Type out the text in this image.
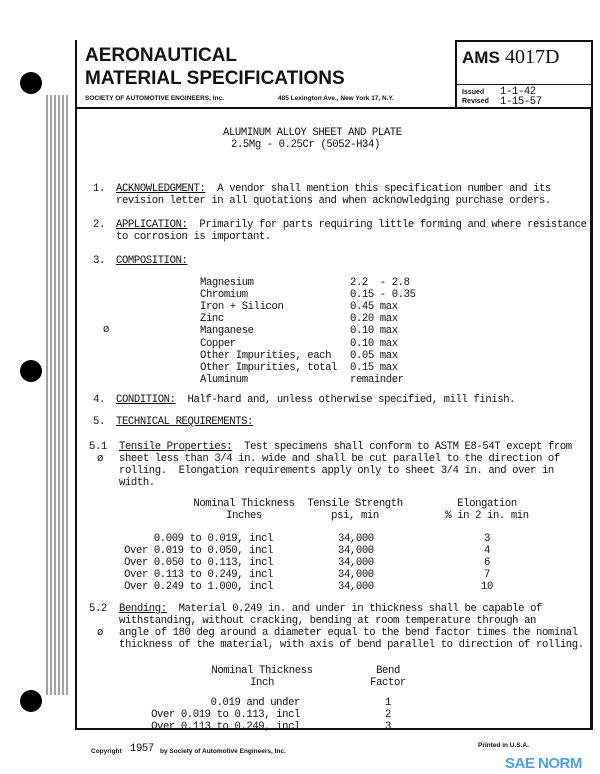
AERONAUTICAL
MATERIAL SPECIFICATIONS
SOCIETY OF AUTOMOTIVE ENGINEERS, Inc.	485 Lexington Ave., New York 17, N.Y.
AMS 4017D
Issued 1-1-42
Revised 1-15-57
ALUMINUM ALLOY SHEET AND PLATE
2.5Mg - 0.25Cr (5052-H34)
1. ACKNOWLEDGMENT:  A vendor shall mention this specification number and its
revision letter in all quotations and when acknowledging purchase orders.
2. APPLICATION:  Primarily for parts requiring little forming and where resistance
to corrosion is important.
3. COMPOSITION:
ø
4. CONDITION:  Half-hard and, unless otherwise specified, mill finish.
5. TECHNICAL REQUIREMENTS:
5.1
ø
Tensile Properties:  Test specimens shall conform to ASTM E8-54T except from
sheet less than 3/4 in. wide and shall be cut parallel to the direction of
rolling.  Elongation requirements apply only to sheet 3/4 in. and over in
width.
5.2
ø
Bending:  Material 0.249 in. and under in thickness shall be capable of
withstanding, without cracking, bending at room temperature through an
angle of 180 deg around a diameter equal to the bend factor times the nominal
thickness of the material, with axis of bend parallel to direction of rolling.
Copyright 1957 by Society of Automotive Engineers, Inc.
Printed in U.S.A.
SAE NORM
Magnesium	2.2  - 2.8
Chromium	0.15 - 0.35
Iron + Silicon	0.45 max
Zinc	0.20 max
Manganese	0.10 max
Copper	0.10 max
Other Impurities, each 0.05 max
Other Impurities, total 0.15 max
Aluminum	remainder
Nominal Thickness
Inches
Tensile Strength
psi, min
Elongation
% in 2 in. min
0.009 to 0.019, incl	34,000	3
Over 0.019 to 0.050, incl	34,000	4
Over 0.050 to 0.113, incl	34,000	6
Over 0.113 to 0.249, incl	34,000	7
Over 0.249 to 1.000, incl	34,000	10
Nominal Thickness
Inch
Bend
Factor
0.019 and under	1
Over 0.019 to 0.113, incl	2
Over 0.113 to 0.249, incl	3
